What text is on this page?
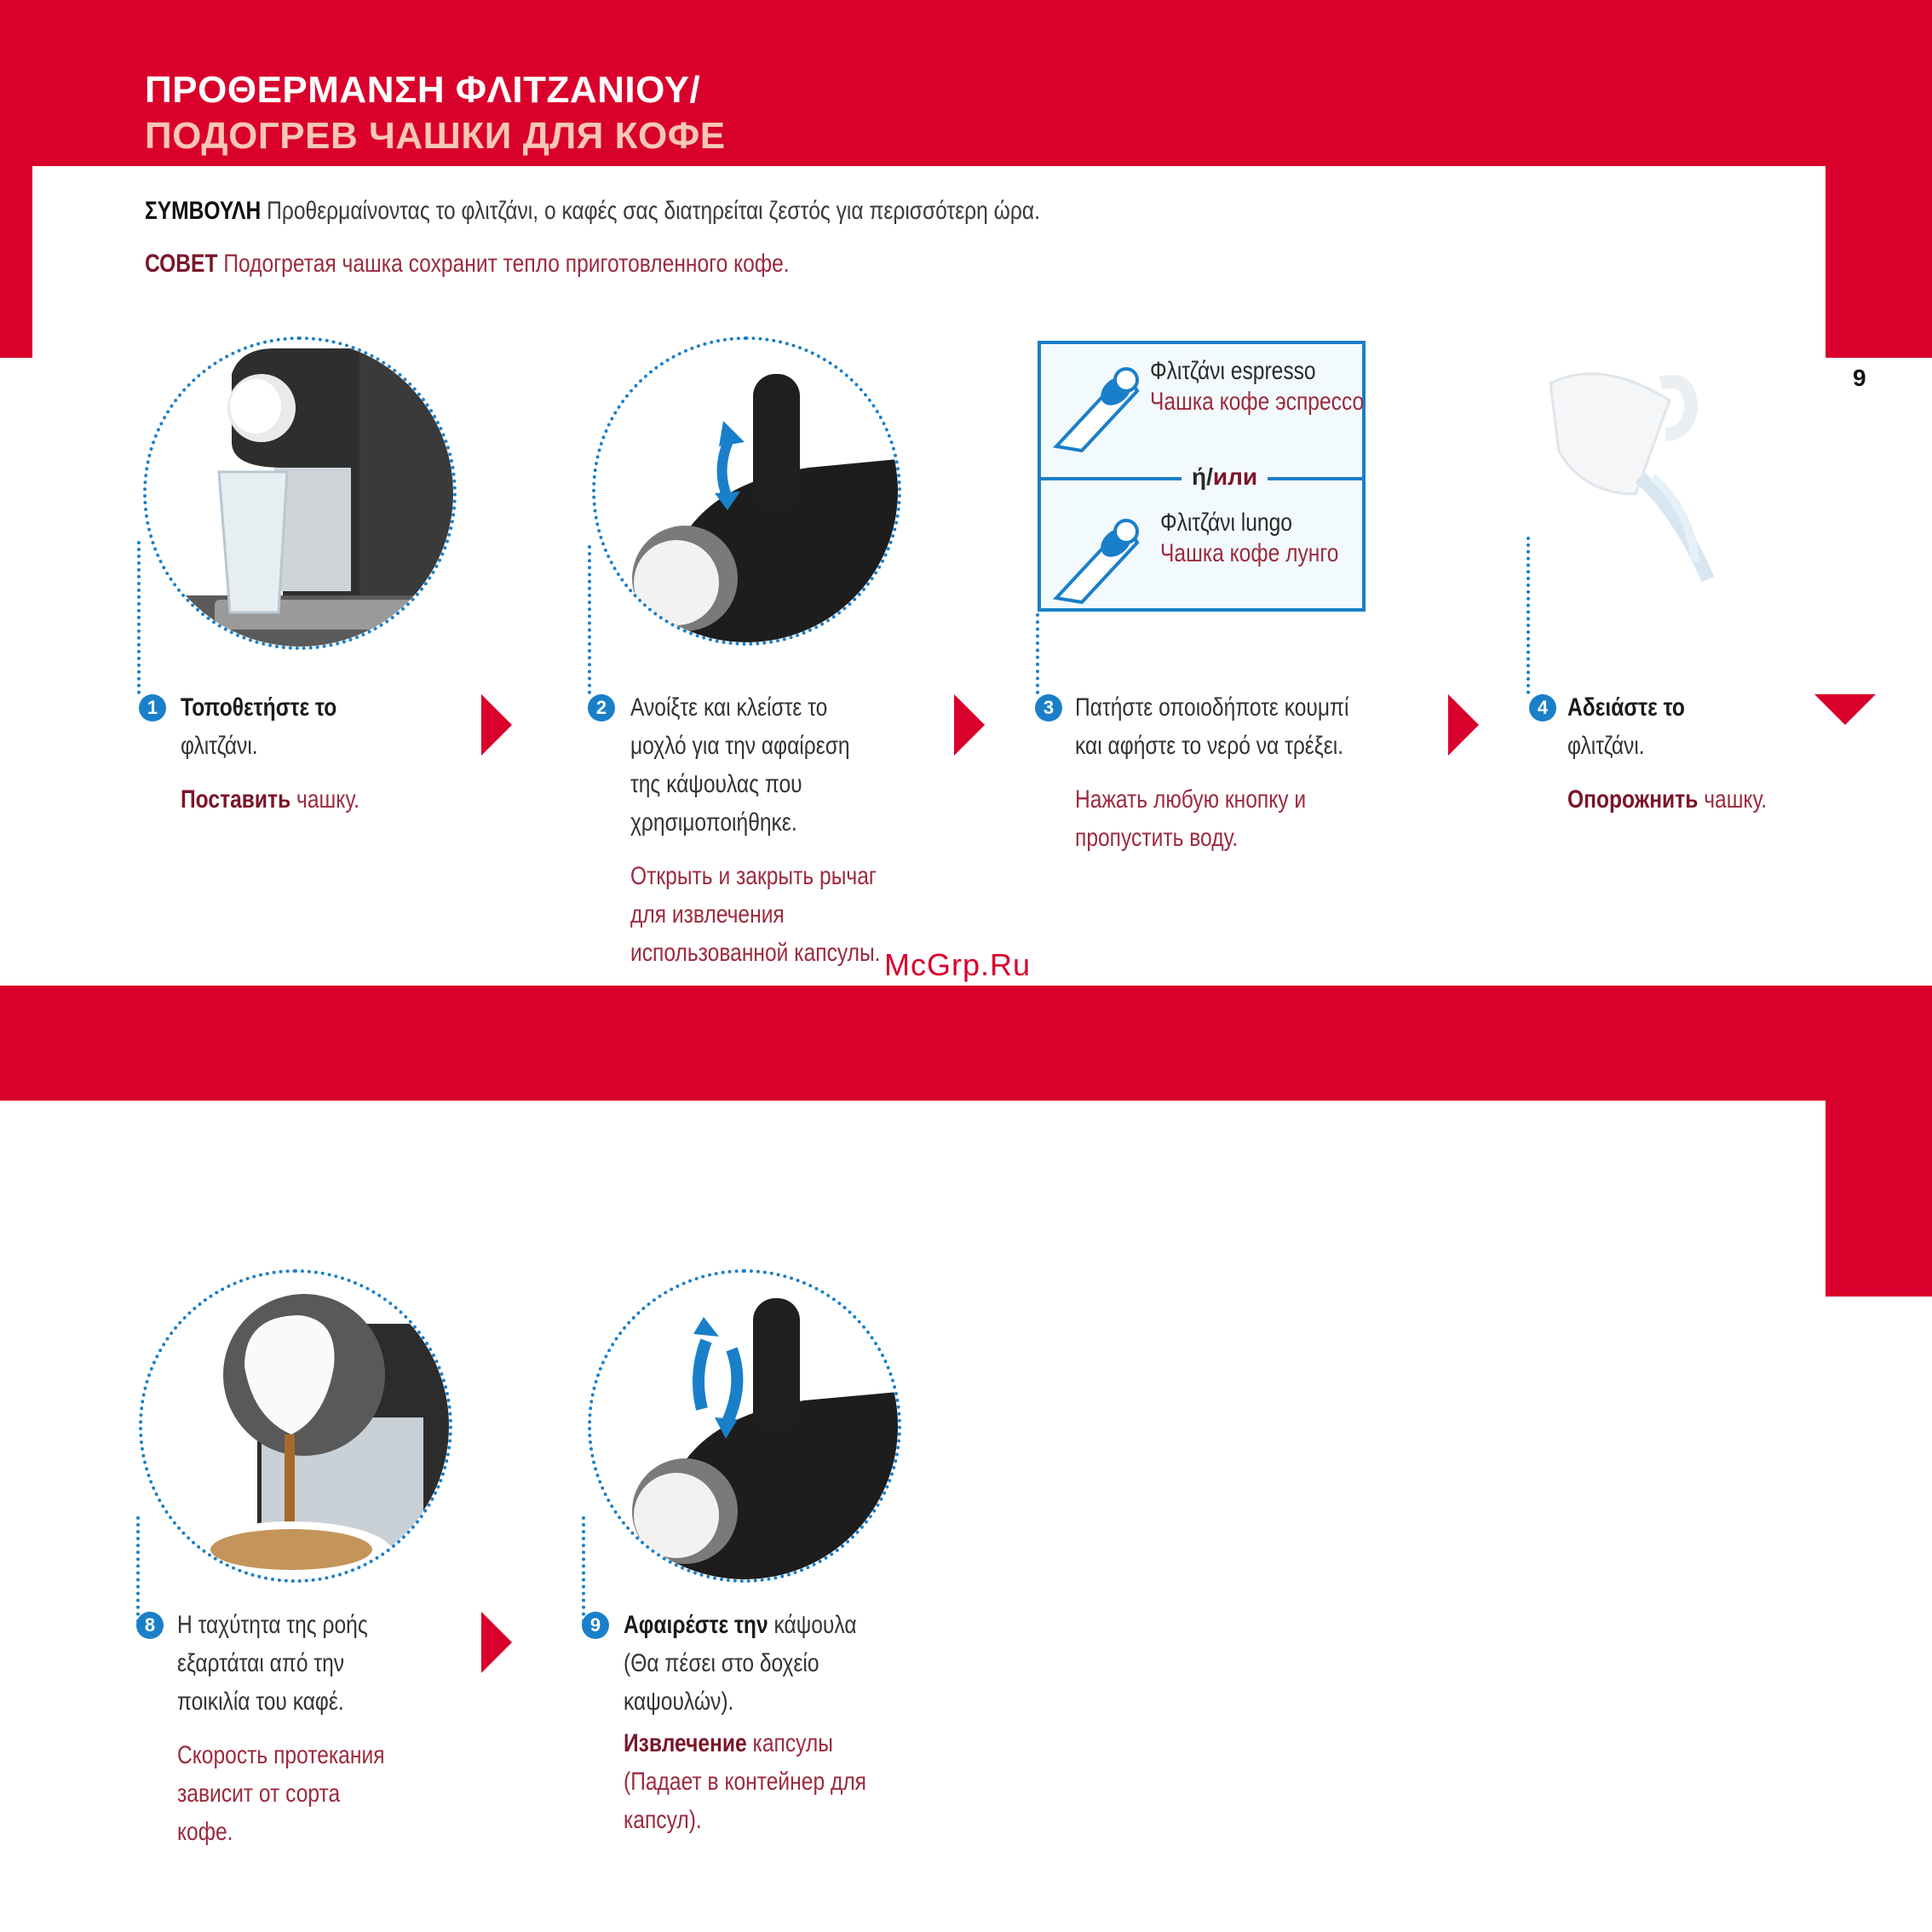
ΠΡΟΘΕΡΜΑΝΣΗ ΦΛΙΤΖΑΝΙΟΥ/
ПОДОГРЕВ ЧАШКИ ДЛЯ КОФЕ
ΣΥΜΒΟΥΛΗ Προθερμαίνοντας το φλιτζάνι, ο καφές σας διατηρείται ζεστός για περισσότερη ώρα.
СОВЕТ Подогретая чашка сохранит тепло приготовленного кофе.
9
1 Τοποθετήστε το
φλιτζάνι.
Поставить чашку.
2 Ανοίξτε και κλείστε το μοχλό για την αφαίρεση της κάψουλας που χρησιμοποιήθηκε.
Открыть и закрыть рычаг для извлечения использованной капсулы.
Φλιτζάνι espresso
Чашка кофе эспрессо
ή/или
Φλιτζάνι lungo
Чашка кофе лунго
3 Πατήστε οποιοδήποτε κουμπί και αφήστε το νερό να τρέξει.
Нажать любую кнопку и пропустить воду.
4 Αδειάστε το
φλιτζάνι.
Опорожнить чашку.
McGrp.Ru
8 Η ταχύτητα της ροής εξαρτάται από την ποικιλία του καφέ.
Скорость протекания зависит от сорта кофе.
9 Αφαιρέστε την κάψουλα (Θα πέσει στο δοχείο καψουλών).
Извлечение капсулы (Падает в контейнер для капсул).
